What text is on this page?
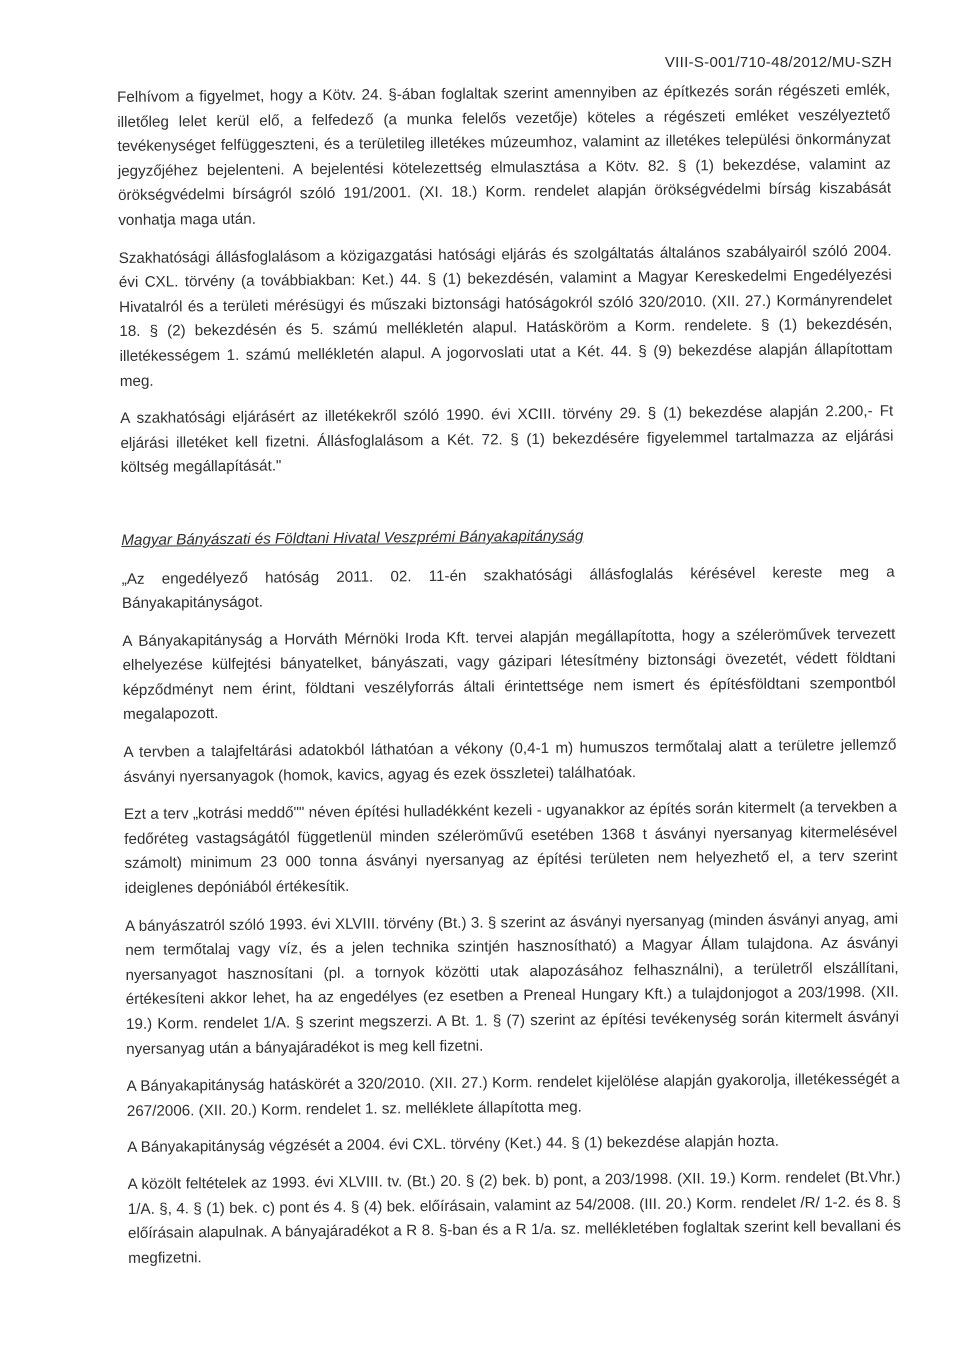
VIII-S-001/710-48/2012/MU-SZH

Felhívom a figyelmet, hogy a Kötv. 24. §-ában foglaltak szerint amennyiben az építkezés során régészeti emlék, illetőleg lelet kerül elő, a felfedező (a munka felelős vezetője) köteles a régészeti emléket veszélyeztető tevékenységet felfüggeszteni, és a területileg illetékes múzeumhoz, valamint az illetékes települési önkormányzat jegyzőjéhez bejelenteni. A bejelentési kötelezettség elmulasztása a Kötv. 82. § (1) bekezdése, valamint az örökségvédelmi bírságról szóló 191/2001. (XI. 18.) Korm. rendelet alapján örökségvédelmi bírság kiszabását vonhatja maga után.

Szakhatósági állásfoglalásom a közigazgatási hatósági eljárás és szolgáltatás általános szabályairól szóló 2004. évi CXL. törvény (a továbbiakban: Ket.) 44. § (1) bekezdésén, valamint a Magyar Kereskedelmi Engedélyezési Hivatalról és a területi mérésügyi és műszaki biztonsági hatóságokról szóló 320/2010. (XII. 27.) Kormányrendelet 18. § (2) bekezdésén és 5. számú mellékletén alapul. Hatásköröm a Korm. rendelete. § (1) bekezdésén, illetékességem 1. számú mellékletén alapul. A jogorvoslati utat a Két. 44. § (9) bekezdése alapján állapítottam meg.

A szakhatósági eljárásért az illetékekről szóló 1990. évi XCIII. törvény 29. § (1) bekezdése alapján 2.200,- Ft eljárási illetéket kell fizetni. Állásfoglalásom a Két. 72. § (1) bekezdésére figyelemmel tartalmazza az eljárási költség megállapítását."

Magyar Bányászati és Földtani Hivatal Veszprémi Bányakapitányság

„Az engedélyező hatóság 2011. 02. 11-én szakhatósági állásfoglalás kérésével kereste meg a Bányakapitányságot.

A Bányakapitányság a Horváth Mérnöki Iroda Kft. tervei alapján megállapította, hogy a széleröművek tervezett elhelyezése külfejtési bányatelket, bányászati, vagy gázipari létesítmény biztonsági övezetét, védett földtani képződményt nem érint, földtani veszélyforrás általi érintettsége nem ismert és építésföldtani szempontból megalapozott.

A tervben a talajfeltárási adatokból láthatóan a vékony (0,4-1 m) humuszos termőtalaj alatt a területre jellemző ásványi nyersanyagok (homok, kavics, agyag és ezek összletei) találhatóak.

Ezt a terv „kotrási meddő"" néven építési hulladékként kezeli - ugyanakkor az építés során kitermelt (a tervekben a fedőréteg vastagságától függetlenül minden széleröművű esetében 1368 t ásványi nyersanyag kitermelésével számolt) minimum 23 000 tonna ásványi nyersanyag az építési területen nem helyezhető el, a terv szerint ideiglenes depóniából értékesítik.

A bányászatról szóló 1993. évi XLVIII. törvény (Bt.) 3. § szerint az ásványi nyersanyag (minden ásványi anyag, ami nem termőtalaj vagy víz, és a jelen technika szintjén hasznosítható) a Magyar Állam tulajdona. Az ásványi nyersanyagot hasznosítani (pl. a tornyok közötti utak alapozásához felhasználni), a területről elszállítani, értékesíteni akkor lehet, ha az engedélyes (ez esetben a Preneal Hungary Kft.) a tulajdonjogot a 203/1998. (XII. 19.) Korm. rendelet 1/A. § szerint megszerzi. A Bt. 1. § (7) szerint az építési tevékenység során kitermelt ásványi nyersanyag után a bányajáradékot is meg kell fizetni.

A Bányakapitányság hatáskörét a 320/2010. (XII. 27.) Korm. rendelet kijelölése alapján gyakorolja, illetékességét a 267/2006. (XII. 20.) Korm. rendelet 1. sz. melléklete állapította meg.

A Bányakapitányság végzését a 2004. évi CXL. törvény (Ket.) 44. § (1) bekezdése alapján hozta.

A közölt feltételek az 1993. évi XLVIII. tv. (Bt.) 20. § (2) bek. b) pont, a 203/1998. (XII. 19.) Korm. rendelet (Bt.Vhr.) 1/A. §, 4. § (1) bek. c) pont és 4. § (4) bek. előírásain, valamint az 54/2008. (III. 20.) Korm. rendelet /R/ 1-2. és 8. § előírásain alapulnak. A bányajáradékot a R 8. §-ban és a R 1/a. sz. mellékletében foglaltak szerint kell bevallani és megfizetni.
